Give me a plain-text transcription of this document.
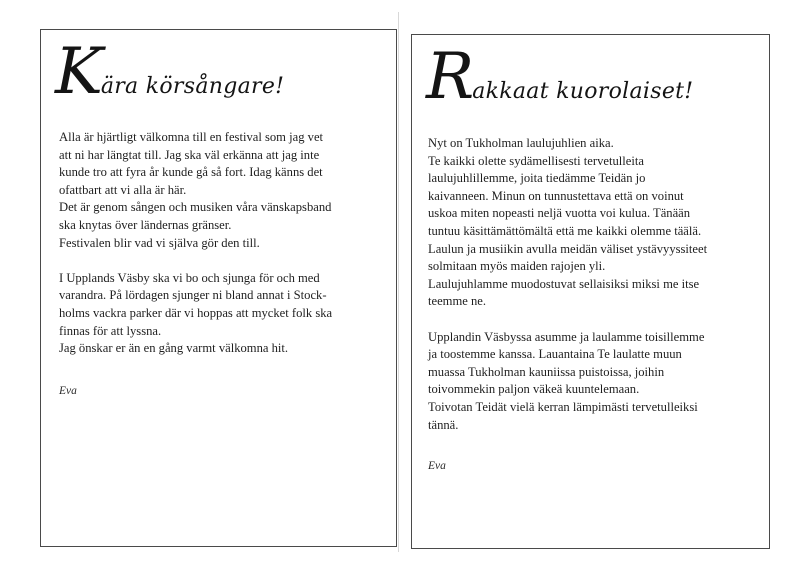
Kära körsångare!
Alla är hjärtligt välkomna till en festival som jag vet
att ni har längtat till. Jag ska väl erkänna att jag inte
kunde tro att fyra år kunde gå så fort. Idag känns det
ofattbart att vi alla är här.
Det är genom sången och musiken våra vänskapsband
ska knytas över ländernas gränser.
Festivalen blir vad vi själva gör den till.
I Upplands Väsby ska vi bo och sjunga för och med
varandra. På lördagen sjunger ni bland annat i Stock-
holms vackra parker där vi hoppas att mycket folk ska
finnas för att lyssna.
Jag önskar er än en gång varmt välkomna hit.
Eva
Rakkaat kuorolaiset!
Nyt on Tukholman laulujuhlien aika.
Te kaikki olette sydämellisesti tervetulleita
laulujuhlillemme, joita tiedämme Teidän jo
kaivanneen. Minun on tunnustettava että on voinut
uskoa miten nopeasti neljä vuotta voi kulua. Tänään
tuntuu käsittämättömältä että me kaikki olemme täälä.
Laulun ja musiikin avulla meidän väliset ystävyyssiteet
solmitaan myös maiden rajojen yli.
Laulujuhlamme muodostuvat sellaisiksi miksi me itse
teemme ne.
Upplandin Väsbyssa asumme ja laulamme toisillemme
ja toostemme kanssa. Lauantaina Te laulatte muun
muassa Tukholman kauniissa puistoissa, joihin
toivommekin paljon väkeä kuuntelemaan.
Toivotan Teidät vielä kerran lämpimästi tervetulleiksi
tännä.
Eva
